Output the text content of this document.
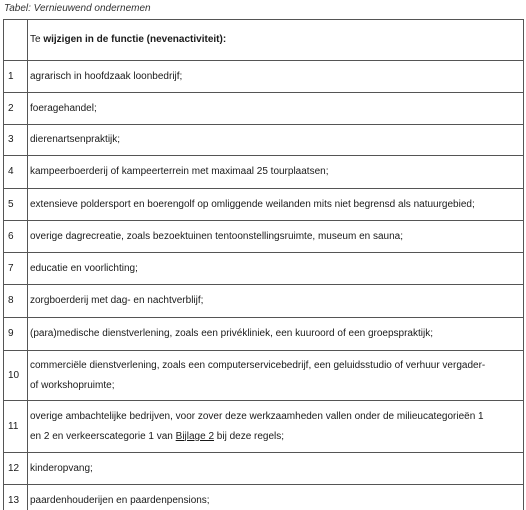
Tabel: Vernieuwend ondernemen
	Te wijzigen in de functie (nevenactiviteit):
1	agrarisch in hoofdzaak loonbedrijf;
2	foeragehandel;
3	dierenartsenpraktijk;
4	kampeerboerderij of kampeerterrein met maximaal 25 tourplaatsen;
5	extensieve poldersport en boerengolf op omliggende weilanden mits niet begrensd als natuurgebied;
6	overige dagrecreatie, zoals bezoektuinen tentoonstellingsruimte, museum en sauna;
7	educatie en voorlichting;
8	zorgboerderij met dag- en nachtverblijf;
9	(para)medische dienstverlening, zoals een privékliniek, een kuuroord of een groepspraktijk;
10	commerciële dienstverlening, zoals een computerservicebedrijf, een geluidsstudio of verhuur vergader-
of workshopruimte;

11	overige ambachtelijke bedrijven, voor zover deze werkzaamheden vallen onder de milieucategorieën 1
en 2 en verkeerscategorie 1 van Bijlage 2 bij deze regels;

12	kinderopvang;
13	paardenhouderijen en paardenpensions;
